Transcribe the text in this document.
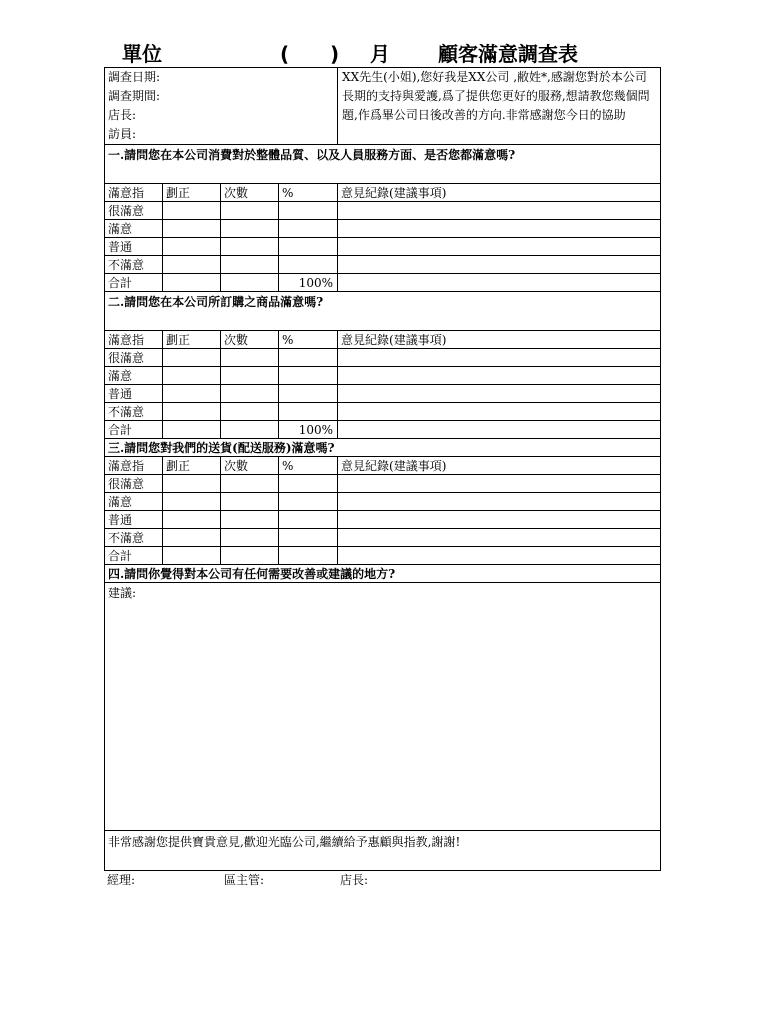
單位	( ) 月 顧客滿意調查表
調查日期:
調查期間:
店長:
訪員:				XX先生(小姐),您好我是XX公司 ,敝姓*,感謝您對於本公司長期的支持與愛護,爲了提供您更好的服務,想請教您幾個問題,作爲畢公司日後改善的方向.非常感謝您今日的協助
一.請問您在本公司消費對於整體品質、以及人員服務方面、是否您都滿意嗎?				
滿意指	劃正	次數	%	意見紀錄(建議事項)
很滿意				
滿意				
普通				
不滿意				
合計			100%	
二.請問您在本公司所訂購之商品滿意嗎?				
滿意指	劃正	次數	%	意見紀錄(建議事項)
很滿意				
滿意				
普通				
不滿意				
合計			100%	
三.請問您對我們的送貨(配送服務)滿意嗎?				
滿意指	劃正	次數	%	意見紀錄(建議事項)
很滿意				
滿意				
普通				
不滿意				
合計				
四.請問你覺得對本公司有任何需要改善或建議的地方?				
建議:				
非常感謝您提供寶貴意見,歡迎光臨公司,繼續給予惠顧與指教,謝謝!				
經理:	區主管:	店長:
